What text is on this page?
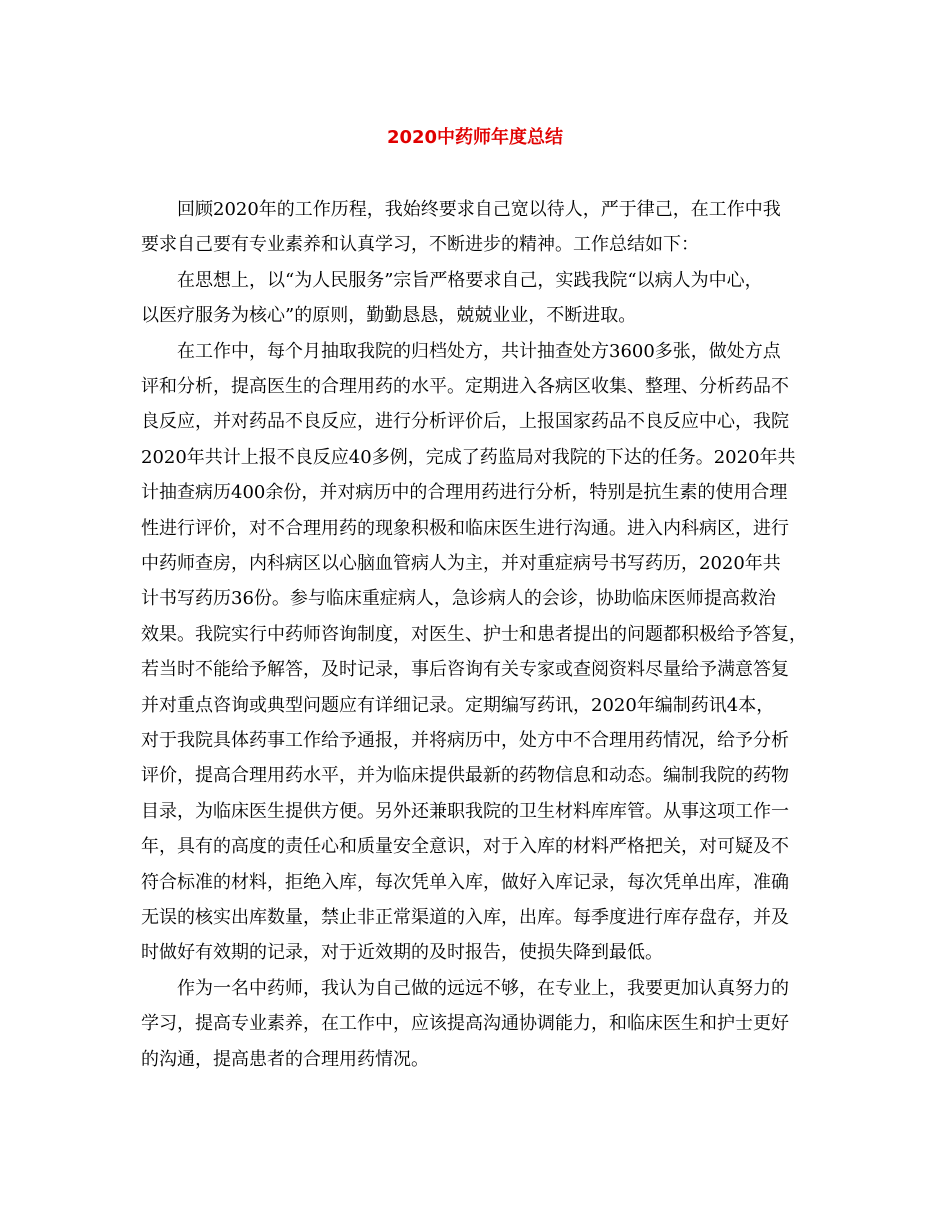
2020中药师年度总结
回顾2020年的工作历程，我始终要求自己宽以待人，严于律己，在工作中我
要求自己要有专业素养和认真学习，不断进步的精神。工作总结如下：
在思想上，以“为人民服务”宗旨严格要求自己，实践我院“以病人为中心，
以医疗服务为核心”的原则，勤勤恳恳，兢兢业业，不断进取。
在工作中，每个月抽取我院的归档处方，共计抽查处方3600多张，做处方点
评和分析，提高医生的合理用药的水平。定期进入各病区收集、整理、分析药品不
良反应，并对药品不良反应，进行分析评价后，上报国家药品不良反应中心，我院
2020年共计上报不良反应40多例，完成了药监局对我院的下达的任务。2020年共
计抽查病历400余份，并对病历中的合理用药进行分析，特别是抗生素的使用合理
性进行评价，对不合理用药的现象积极和临床医生进行沟通。进入内科病区，进行
中药师查房，内科病区以心脑血管病人为主，并对重症病号书写药历，2020年共
计书写药历36份。参与临床重症病人，急诊病人的会诊，协助临床医师提高救治
效果。我院实行中药师咨询制度，对医生、护士和患者提出的问题都积极给予答复，
若当时不能给予解答，及时记录，事后咨询有关专家或查阅资料尽量给予满意答复
并对重点咨询或典型问题应有详细记录。定期编写药讯，2020年编制药讯4本，
对于我院具体药事工作给予通报，并将病历中，处方中不合理用药情况，给予分析
评价，提高合理用药水平，并为临床提供最新的药物信息和动态。编制我院的药物
目录，为临床医生提供方便。另外还兼职我院的卫生材料库库管。从事这项工作一
年，具有的高度的责任心和质量安全意识，对于入库的材料严格把关，对可疑及不
符合标准的材料，拒绝入库，每次凭单入库，做好入库记录，每次凭单出库，准确
无误的核实出库数量，禁止非正常渠道的入库，出库。每季度进行库存盘存，并及
时做好有效期的记录，对于近效期的及时报告，使损失降到最低。
作为一名中药师，我认为自己做的远远不够，在专业上，我要更加认真努力的
学习，提高专业素养，在工作中，应该提高沟通协调能力，和临床医生和护士更好
的沟通，提高患者的合理用药情况。
